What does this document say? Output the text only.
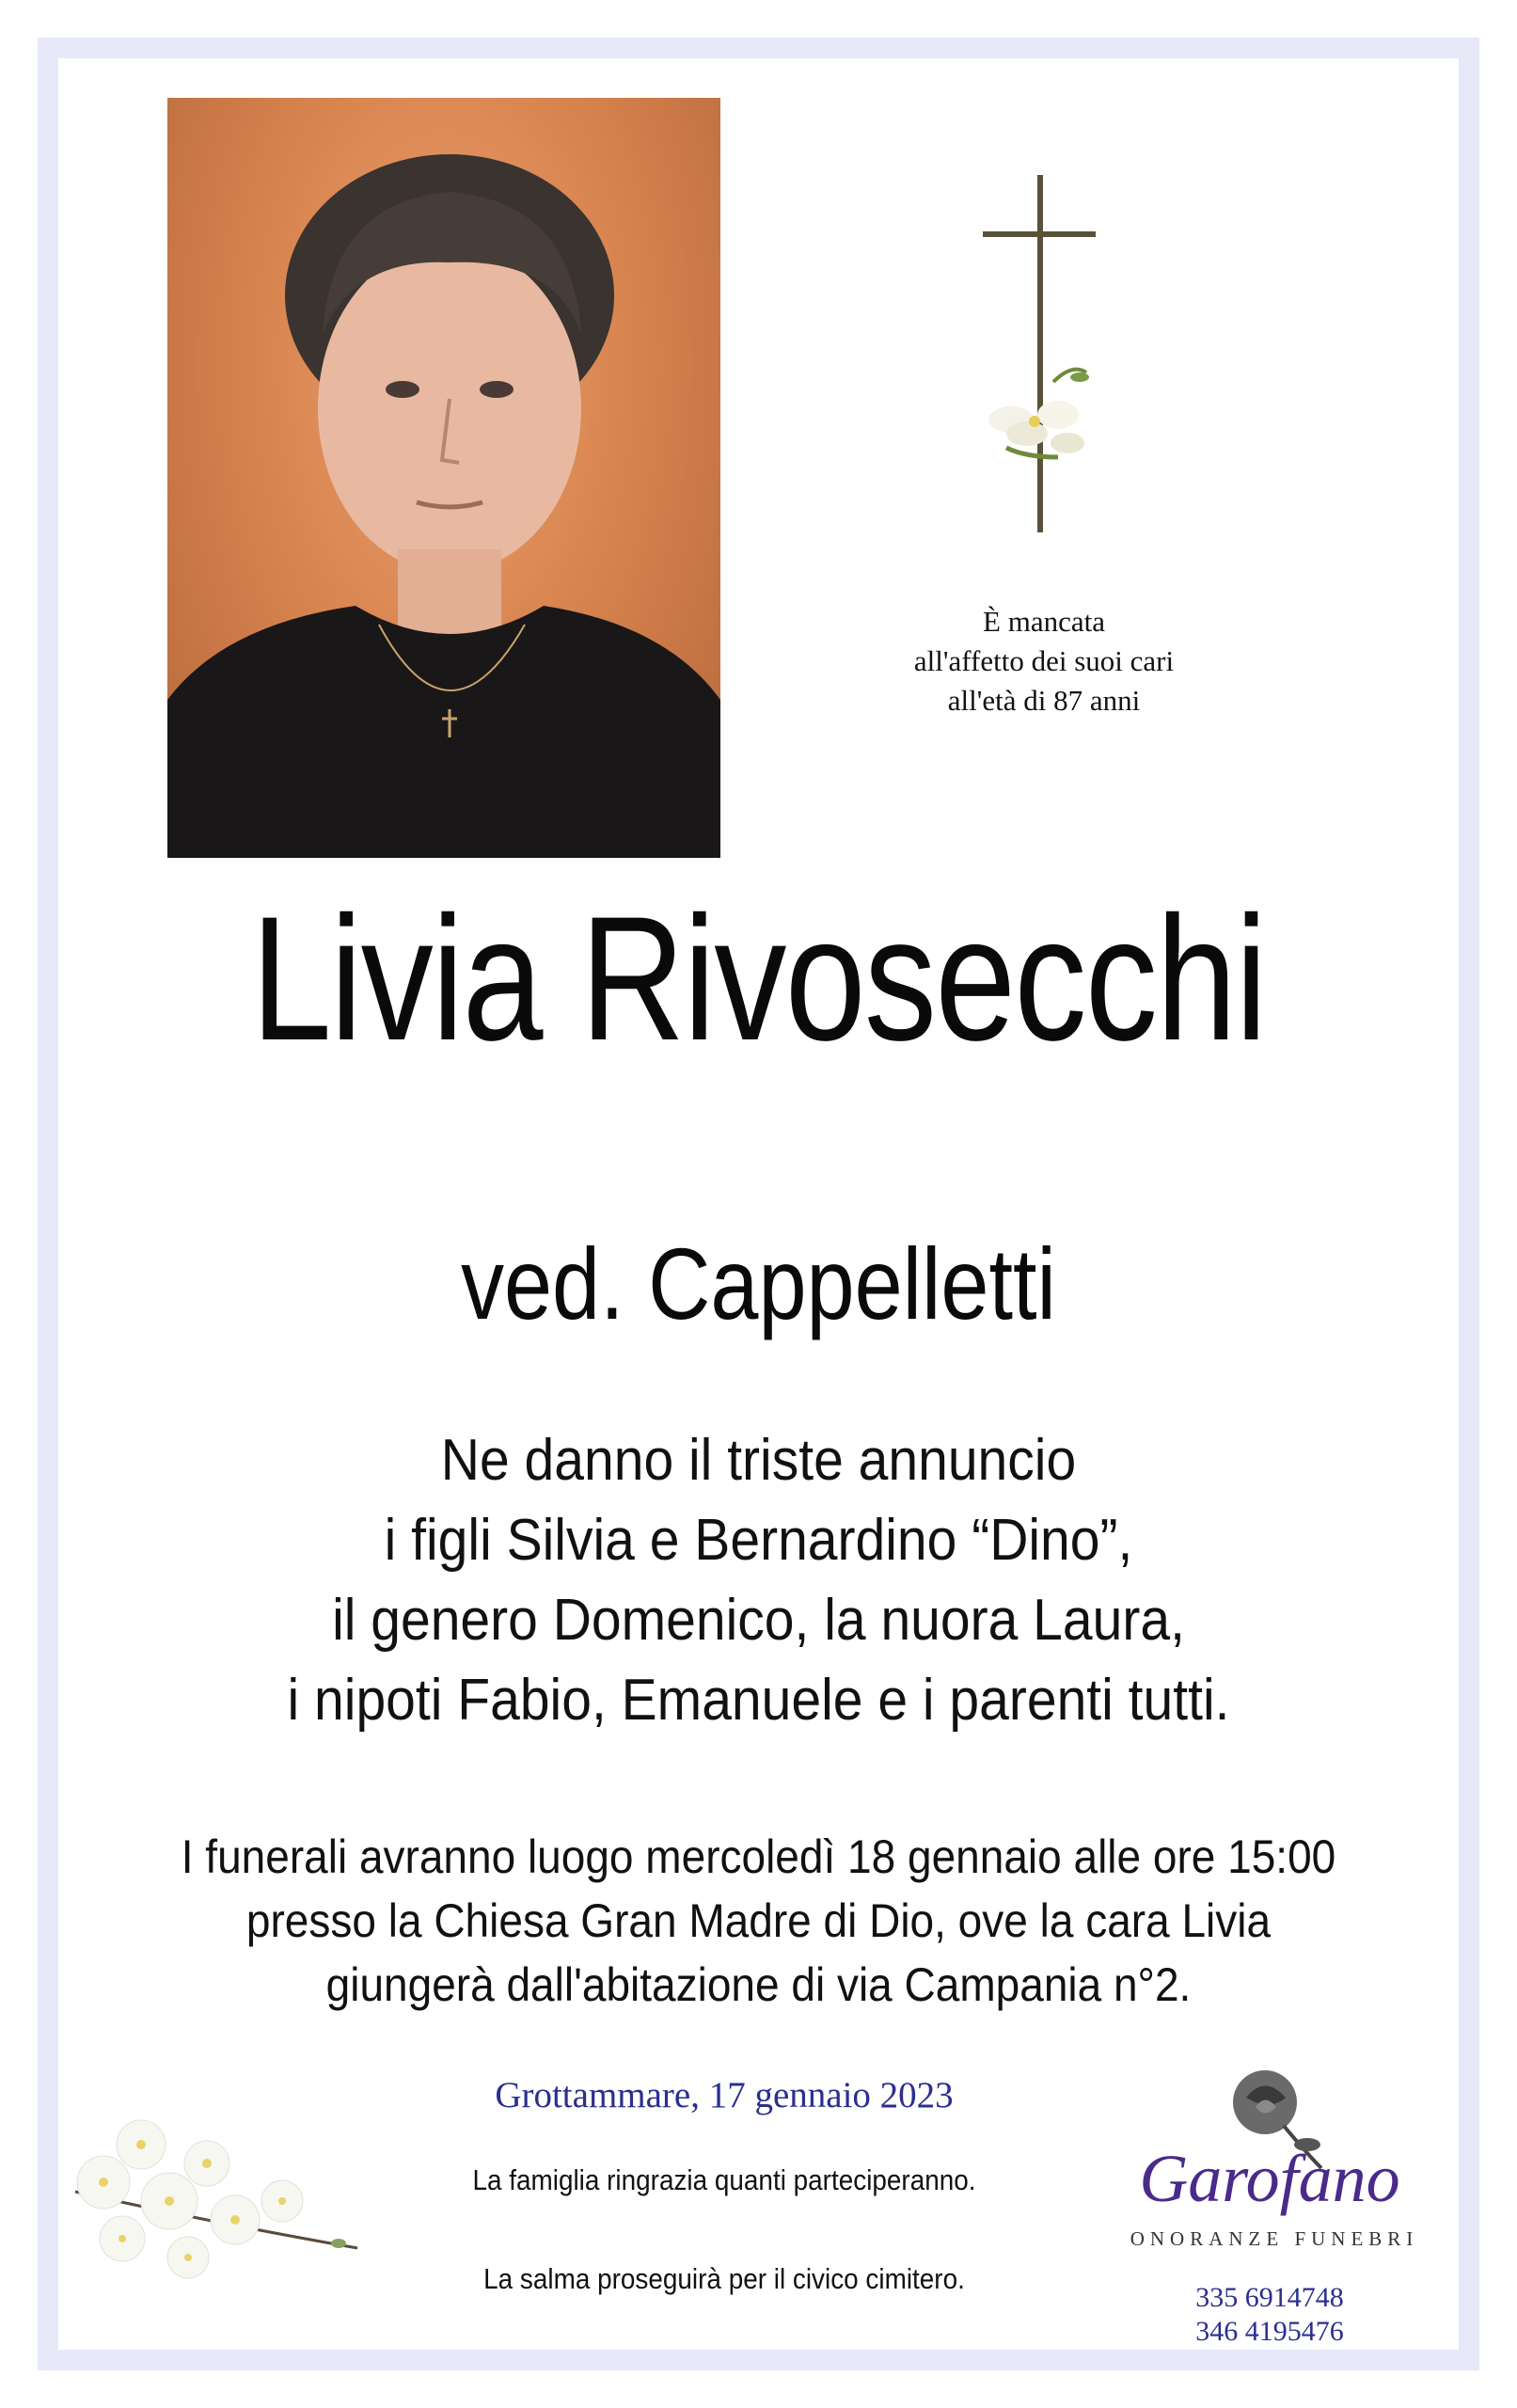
È mancata
all'affetto dei suoi cari
all'età di 87 anni
Livia Rivosecchi
ved. Cappelletti
Ne danno il triste annuncio
i figli Silvia e Bernardino “Dino”,
il genero Domenico, la nuora Laura,
i nipoti Fabio, Emanuele e i parenti tutti.
I funerali avranno luogo mercoledì 18 gennaio alle ore 15:00
presso la Chiesa Gran Madre di Dio, ove la cara Livia
giungerà dall'abitazione di via Campania n°2.
Grottammare, 17 gennaio 2023
La famiglia ringrazia quanti parteciperanno.
La salma proseguirà per il civico cimitero.
Garofano
ONORANZE FUNEBRI
335 6914748
346 4195476
